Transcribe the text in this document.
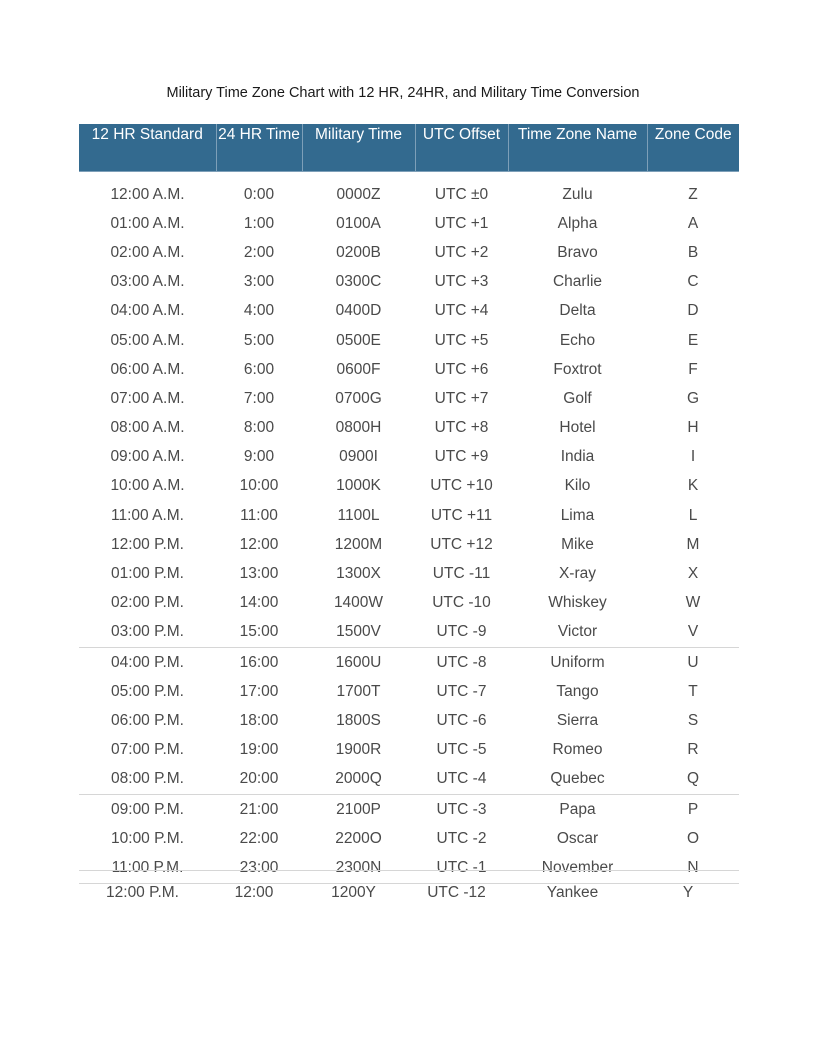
Military Time Zone Chart with 12 HR, 24HR, and Military Time Conversion
12 HR Standard	24 HR Time	Military Time	UTC Offset	Time Zone Name	Zone Code

12:00 A.M.	0:00	0000Z	UTC ±0	Zulu	Z
01:00 A.M.	1:00	0100A	UTC +1	Alpha	A
02:00 A.M.	2:00	0200B	UTC +2	Bravo	B
03:00 A.M.	3:00	0300C	UTC +3	Charlie	C
04:00 A.M.	4:00	0400D	UTC +4	Delta	D
05:00 A.M.	5:00	0500E	UTC +5	Echo	E
06:00 A.M.	6:00	0600F	UTC +6	Foxtrot	F
07:00 A.M.	7:00	0700G	UTC +7	Golf	G
08:00 A.M.	8:00	0800H	UTC +8	Hotel	H
09:00 A.M.	9:00	0900I	UTC +9	India	I
10:00 A.M.	10:00	1000K	UTC +10	Kilo	K
11:00 A.M.	11:00	1100L	UTC +11	Lima	L
12:00 P.M.	12:00	1200M	UTC +12	Mike	M
01:00 P.M.	13:00	1300X	UTC -11	X-ray	X
02:00 P.M.	14:00	1400W	UTC -10	Whiskey	W
03:00 P.M.	15:00	1500V	UTC -9	Victor	V
04:00 P.M.	16:00	1600U	UTC -8	Uniform	U
05:00 P.M.	17:00	1700T	UTC -7	Tango	T
06:00 P.M.	18:00	1800S	UTC -6	Sierra	S
07:00 P.M.	19:00	1900R	UTC -5	Romeo	R
08:00 P.M.	20:00	2000Q	UTC -4	Quebec	Q
09:00 P.M.	21:00	2100P	UTC -3	Papa	P
10:00 P.M.	22:00	2200O	UTC -2	Oscar	O
11:00 P.M.	23:00	2300N	UTC -1	November	N
12:00 P.M.	12:00	1200Y	UTC -12	Yankee	Y
